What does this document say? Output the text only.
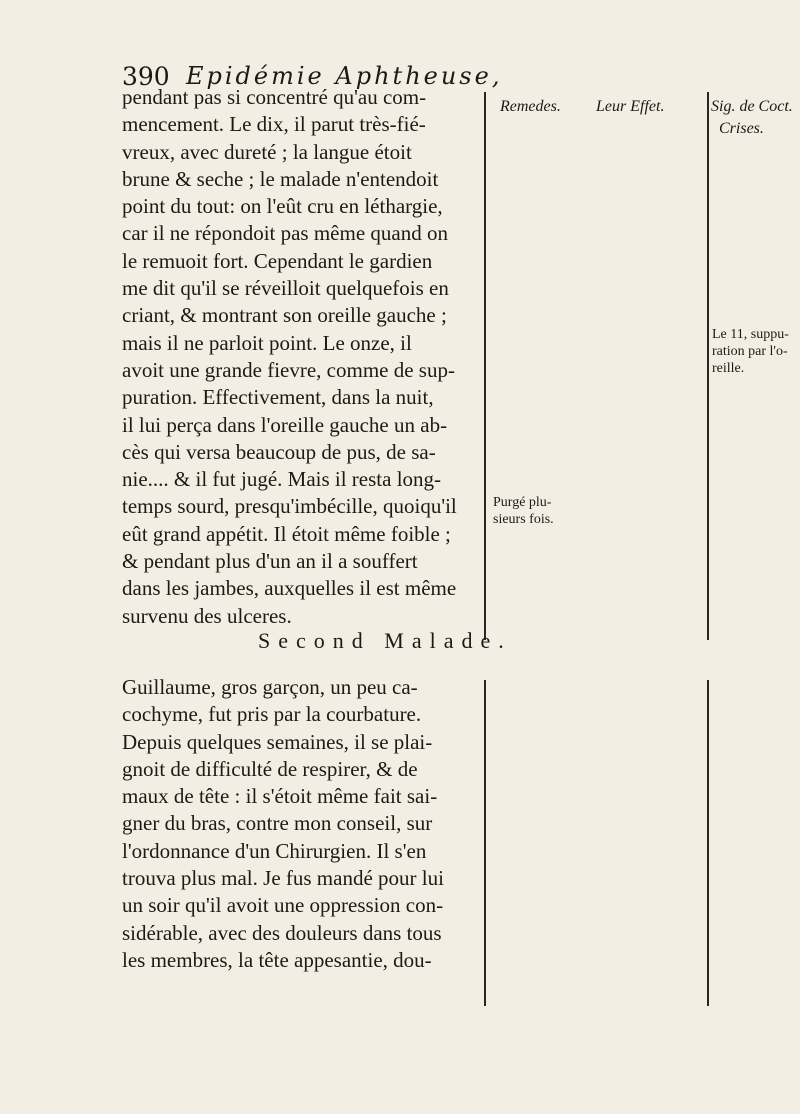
390 Epidémie Aphtheuse,
Remedes. Leur Effet.	Sig. de Coct.
Crises.
pendant pas si concentré qu'au com-
mencement. Le dix, il parut très-fié-
vreux, avec dureté ; la langue étoit
brune & seche ; le malade n'entendoit
point du tout: on l'eût cru en léthargie,
car il ne répondoit pas même quand on
le remuoit fort. Cependant le gardien
me dit qu'il se réveilloit quelquefois en
criant, & montrant son oreille gauche ;
mais il ne parloit point. Le onze, il
avoit une grande fievre, comme de sup-
puration. Effectivement, dans la nuit,
il lui perça dans l'oreille gauche un ab-
cès qui versa beaucoup de pus, de sa-
nie.... & il fut jugé. Mais il resta long-
temps sourd, presqu'imbécille, quoiqu'il
eût grand appétit. Il étoit même foible ;
& pendant plus d'un an il a souffert
dans les jambes, auxquelles il est même
survenu des ulceres.
Purgé plu-
sieurs fois.
Le 11, suppu-
ration par l'o-
reille.
Second Malade.
Guillaume, gros garçon, un peu ca-
cochyme, fut pris par la courbature.
Depuis quelques semaines, il se plai-
gnoit de difficulté de respirer, & de
maux de tête : il s'étoit même fait sai-
gner du bras, contre mon conseil, sur
l'ordonnance d'un Chirurgien. Il s'en
trouva plus mal. Je fus mandé pour lui
un soir qu'il avoit une oppression con-
sidérable, avec des douleurs dans tous
les membres, la tête appesantie, dou-
